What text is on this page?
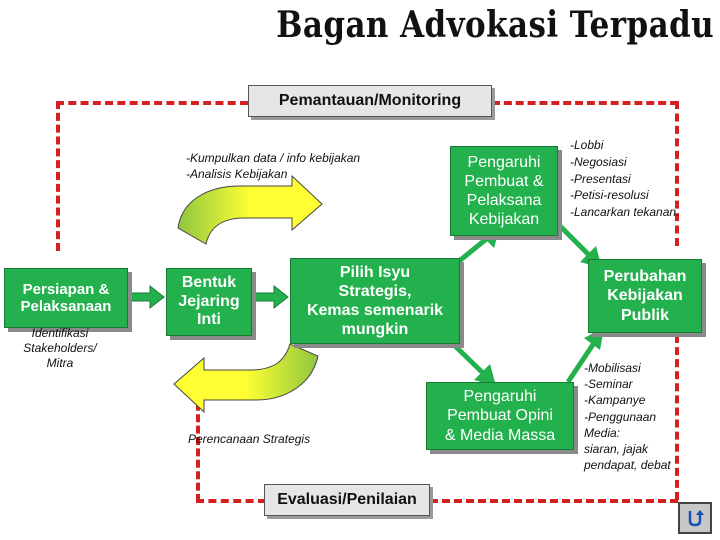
Bagan Advokasi Terpadu
Pemantauan/Monitoring
Evaluasi/Penilaian
Persiapan &
Pelaksanaan
Identifikasi
Stakeholders/
Mitra
Bentuk
Jejaring
Inti
Pilih Isyu
Strategis,
Kemas semenarik
mungkin
-Kumpulkan data / info kebijakan
-Analisis Kebijakan
Perencanaan Strategis
Pengaruhi
Pembuat &
Pelaksana
Kebijakan
-Lobbi
-Negosiasi
-Presentasi
-Petisi-resolusi
-Lancarkan tekanan.
Perubahan
Kebijakan
Publik
Pengaruhi
Pembuat Opini
& Media Massa
-Mobilisasi
-Seminar
-Kampanye
-Penggunaan
Media:
siaran, jajak
pendapat, debat
